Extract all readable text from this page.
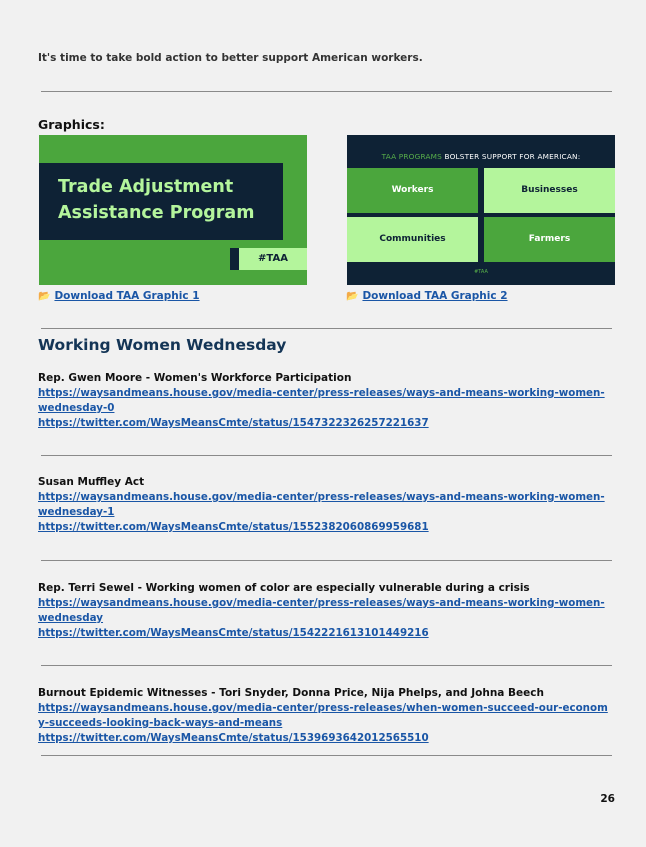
It's time to take bold action to better support American workers.
Graphics:
Trade Adjustment
Assistance Program
#TAA
TAA PROGRAMS BOLSTER SUPPORT FOR AMERICAN:
Workers	Businesses
Communities	Farmers
#TAA
📂 Download TAA Graphic 1	📂 Download TAA Graphic 2
Working Women Wednesday
Rep. Gwen Moore - Women's Workforce Participation
https://waysandmeans.house.gov/media-center/press-releases/ways-and-means-working-women-wednesday-0
https://twitter.com/WaysMeansCmte/status/1547322326257221637
Susan Muffley Act
https://waysandmeans.house.gov/media-center/press-releases/ways-and-means-working-women-wednesday-1
https://twitter.com/WaysMeansCmte/status/1552382060869959681
Rep. Terri Sewel - Working women of color are especially vulnerable during a crisis
https://waysandmeans.house.gov/media-center/press-releases/ways-and-means-working-women-wednesday
https://twitter.com/WaysMeansCmte/status/1542221613101449216
Burnout Epidemic Witnesses - Tori Snyder, Donna Price, Nija Phelps, and Johna Beech
https://waysandmeans.house.gov/media-center/press-releases/when-women-succeed-our-economy-succeeds-looking-back-ways-and-means
https://twitter.com/WaysMeansCmte/status/1539693642012565510
26
